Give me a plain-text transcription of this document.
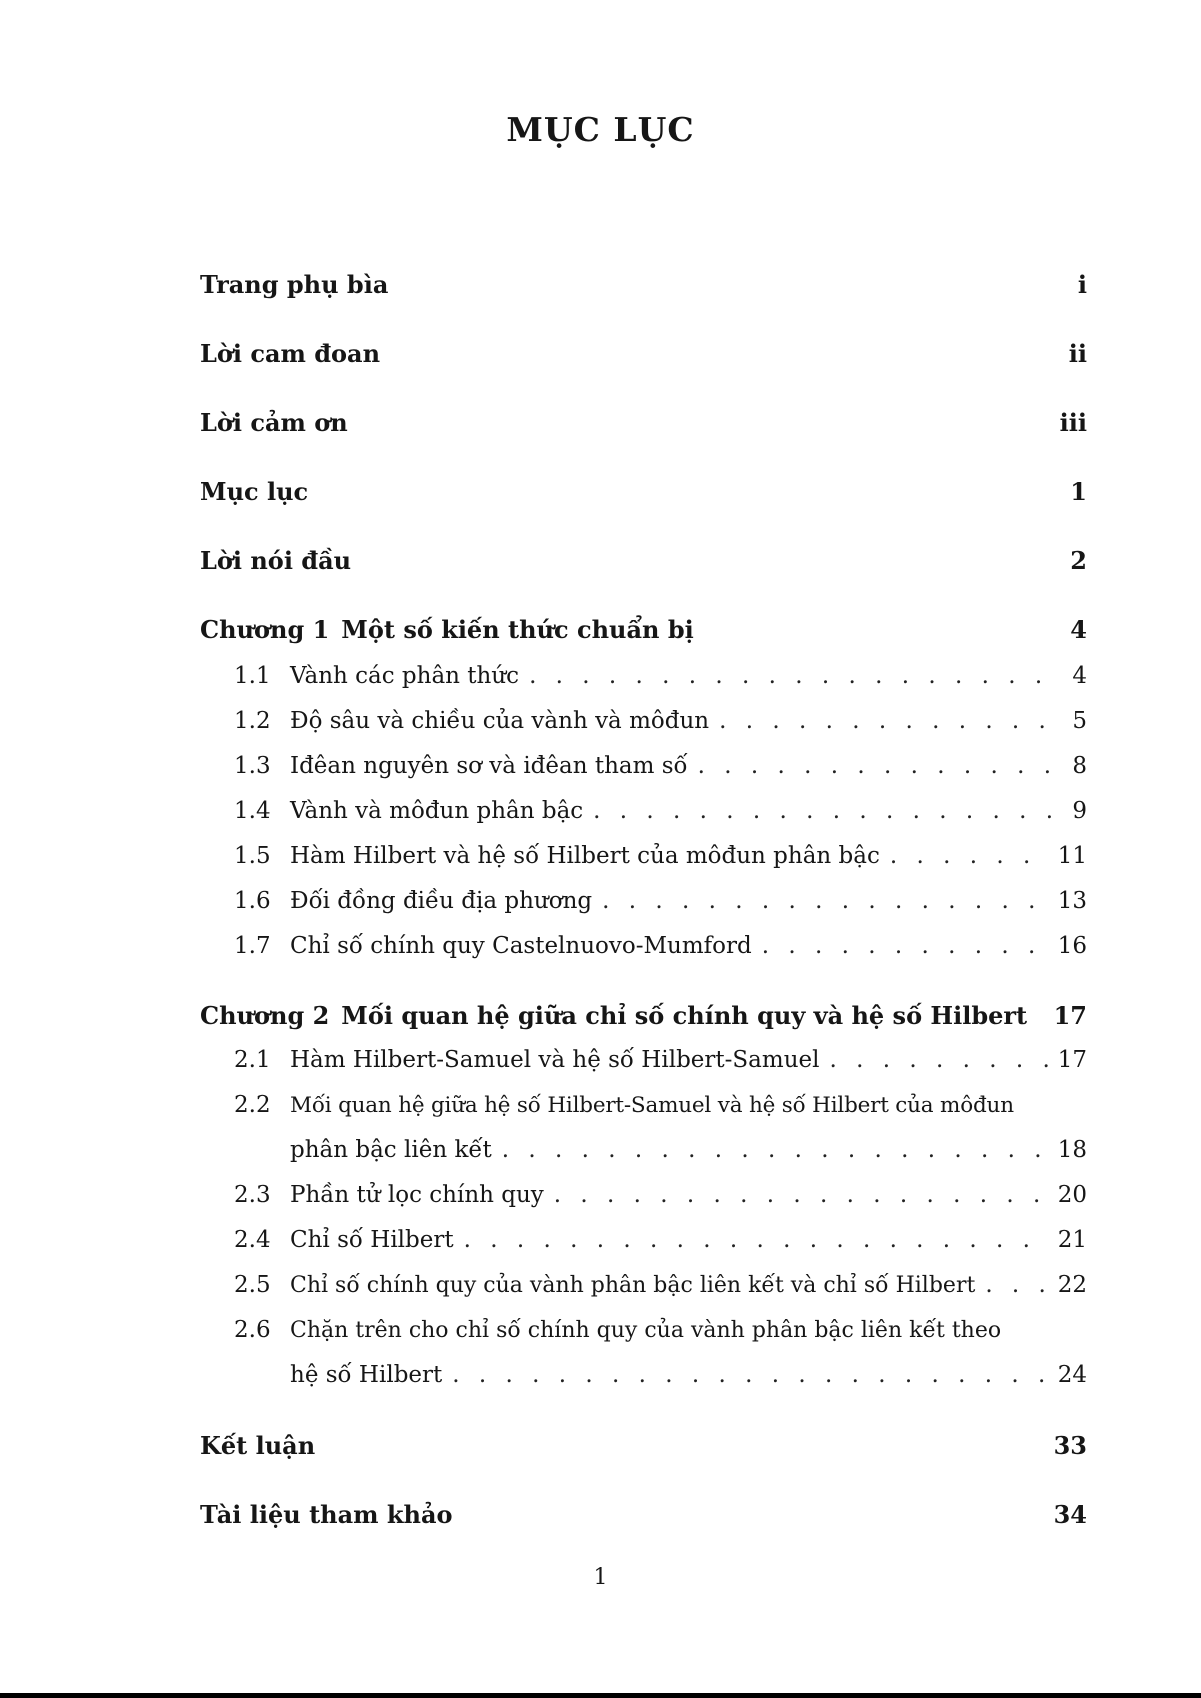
MỤC LỤC
Trang phụ bìa	i
Lời cam đoan	ii
Lời cảm ơn	iii
Mục lục	1
Lời nói đầu	2
Chương 1 Một số kiến thức chuẩn bị	4
1.1 Vành các phân thức . . .	4
1.2 Độ sâu và chiều của vành và môđun . . .	5
1.3 Iđêan nguyên sơ và iđêan tham số . . .	8
1.4 Vành và môđun phân bậc . . .	9
1.5 Hàm Hilbert và hệ số Hilbert của môđun phân bậc . . .	11
1.6 Đối đồng điều địa phương . . .	13
1.7 Chỉ số chính quy Castelnuovo-Mumford . . .	16
Chương 2 Mối quan hệ giữa chỉ số chính quy và hệ số Hilbert	17
2.1 Hàm Hilbert-Samuel và hệ số Hilbert-Samuel . . .	17
2.2 Mối quan hệ giữa hệ số Hilbert-Samuel và hệ số Hilbert của môđun
phân bậc liên kết . . .	18
2.3 Phần tử lọc chính quy . . .	20
2.4 Chỉ số Hilbert . . .	21
2.5 Chỉ số chính quy của vành phân bậc liên kết và chỉ số Hilbert . . .	22
2.6 Chặn trên cho chỉ số chính quy của vành phân bậc liên kết theo
hệ số Hilbert . . .	24
Kết luận	33
Tài liệu tham khảo	34
1
